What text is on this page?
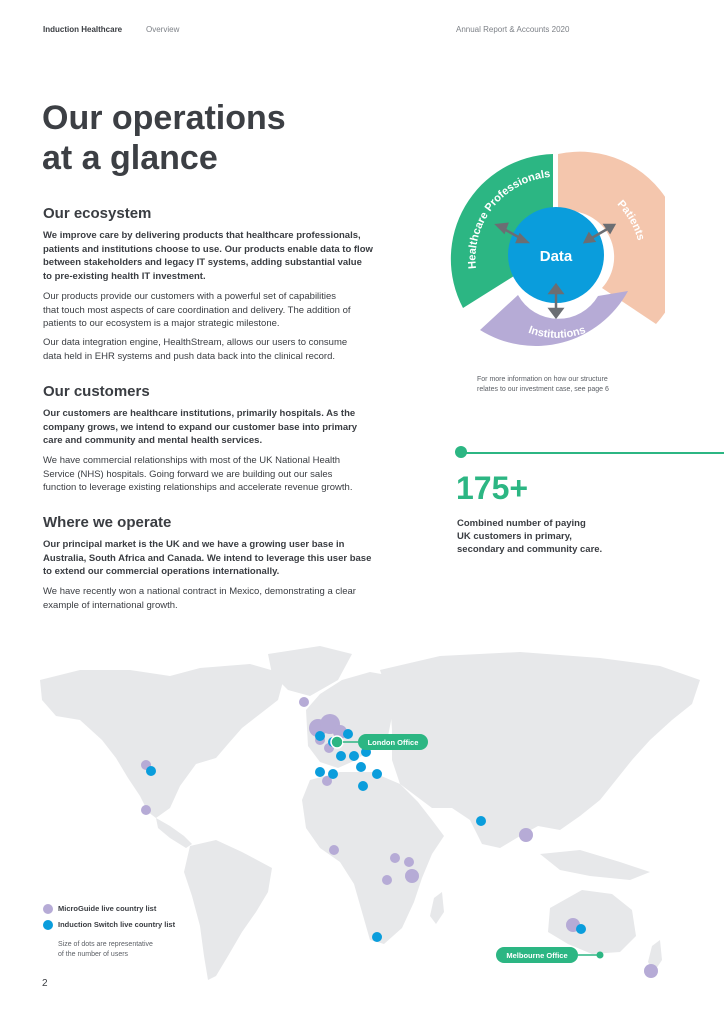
Induction Healthcare	Overview	Annual Report & Accounts 2020
Our operations
at a glance
Our ecosystem
We improve care by delivering products that healthcare professionals,
patients and institutions choose to use. Our products enable data to flow
between stakeholders and legacy IT systems, adding substantial value
to pre-existing health IT investment.
Our products provide our customers with a powerful set of capabilities
that touch most aspects of care coordination and delivery. The addition of
patients to our ecosystem is a major strategic milestone.
Our data integration engine, HealthStream, allows our users to consume
data held in EHR systems and push data back into the clinical record.
Our customers
Our customers are healthcare institutions, primarily hospitals. As the
company grows, we intend to expand our customer base into primary
care and community and mental health services.
We have commercial relationships with most of the UK National Health
Service (NHS) hospitals. Going forward we are building out our sales
function to leverage existing relationships and accelerate revenue growth.
Where we operate
Our principal market is the UK and we have a growing user base in
Australia, South Africa and Canada. We intend to leverage this user base
to extend our commercial operations internationally.
We have recently won a national contract in Mexico, demonstrating a clear
example of international growth.
Data
Healthcare Professionals
Patients
Institutions
For more information on how our structure
relates to our investment case, see page 6
175+
Combined number of paying
UK customers in primary,
secondary and community care.
London Office
Melbourne Office
MicroGuide live country list
Induction Switch live country list
Size of dots are representative
of the number of users
2
